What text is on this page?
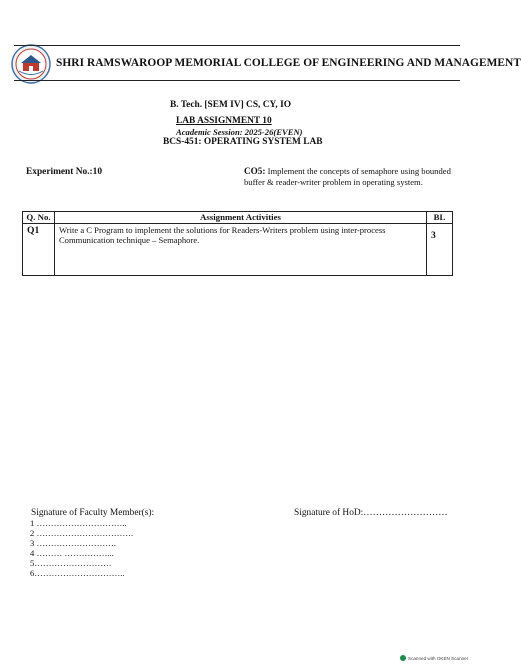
SHRI RAMSWAROOP MEMORIAL COLLEGE OF ENGINEERING AND MANAGEMENT
B. Tech. [SEM IV] CS, CY, IO
LAB ASSIGNMENT 10
Academic Session: 2025-26(EVEN)
BCS-451: OPERATING SYSTEM LAB
Experiment No.:10	CO5: Implement the concepts of semaphore using bounded buffer & reader-writer problem in operating system.
Q. No.	Assignment Activities	BL
Q1	Write a C Program to implement the solutions for Readers-Writers problem using inter-process Communication technique – Semaphore.	3
Signature of Faculty Member(s):	Signature of HoD:………………………
1 …………………………..
2 …………………………….
3 ……………………….
4 ……… ……………...
5………………………
6…………………………..
Scanned with OKEN Scanner
